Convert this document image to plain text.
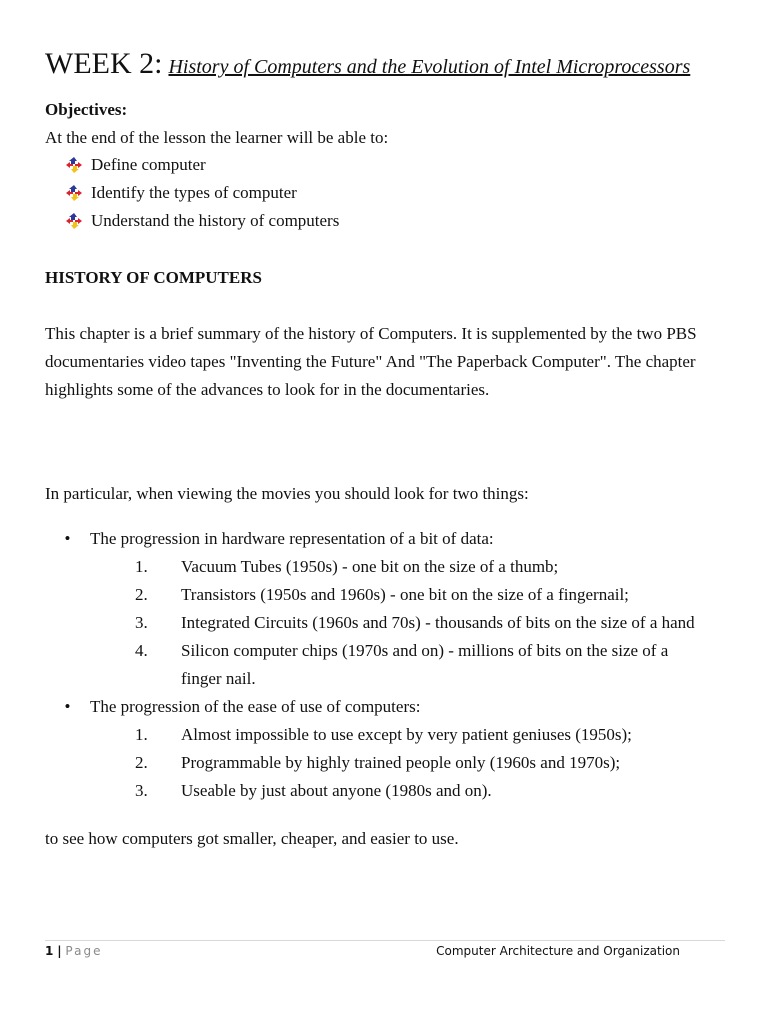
WEEK 2: History of Computers and the Evolution of Intel Microprocessors
Objectives:
At the end of the lesson the learner will be able to:
Define computer
Identify the types of computer
Understand the history of computers
HISTORY OF COMPUTERS
This chapter is a brief summary of the history of Computers. It is supplemented by the two PBS documentaries video tapes "Inventing the Future" And "The Paperback Computer". The chapter highlights some of the advances to look for in the documentaries.
In particular, when viewing the movies you should look for two things:
•	The progression in hardware representation of a bit of data:
1.	Vacuum Tubes (1950s) - one bit on the size of a thumb;
2.	Transistors (1950s and 1960s) - one bit on the size of a fingernail;
3.	Integrated Circuits (1960s and 70s) - thousands of bits on the size of a hand
4.	Silicon computer chips (1970s and on) - millions of bits on the size of a
finger nail.
•	The progression of the ease of use of computers:
1.	Almost impossible to use except by very patient geniuses (1950s);
2.	Programmable by highly trained people only (1960s and 1970s);
3.	Useable by just about anyone (1980s and on).
to see how computers got smaller, cheaper, and easier to use.
1 | Page	Computer Architecture and Organization
